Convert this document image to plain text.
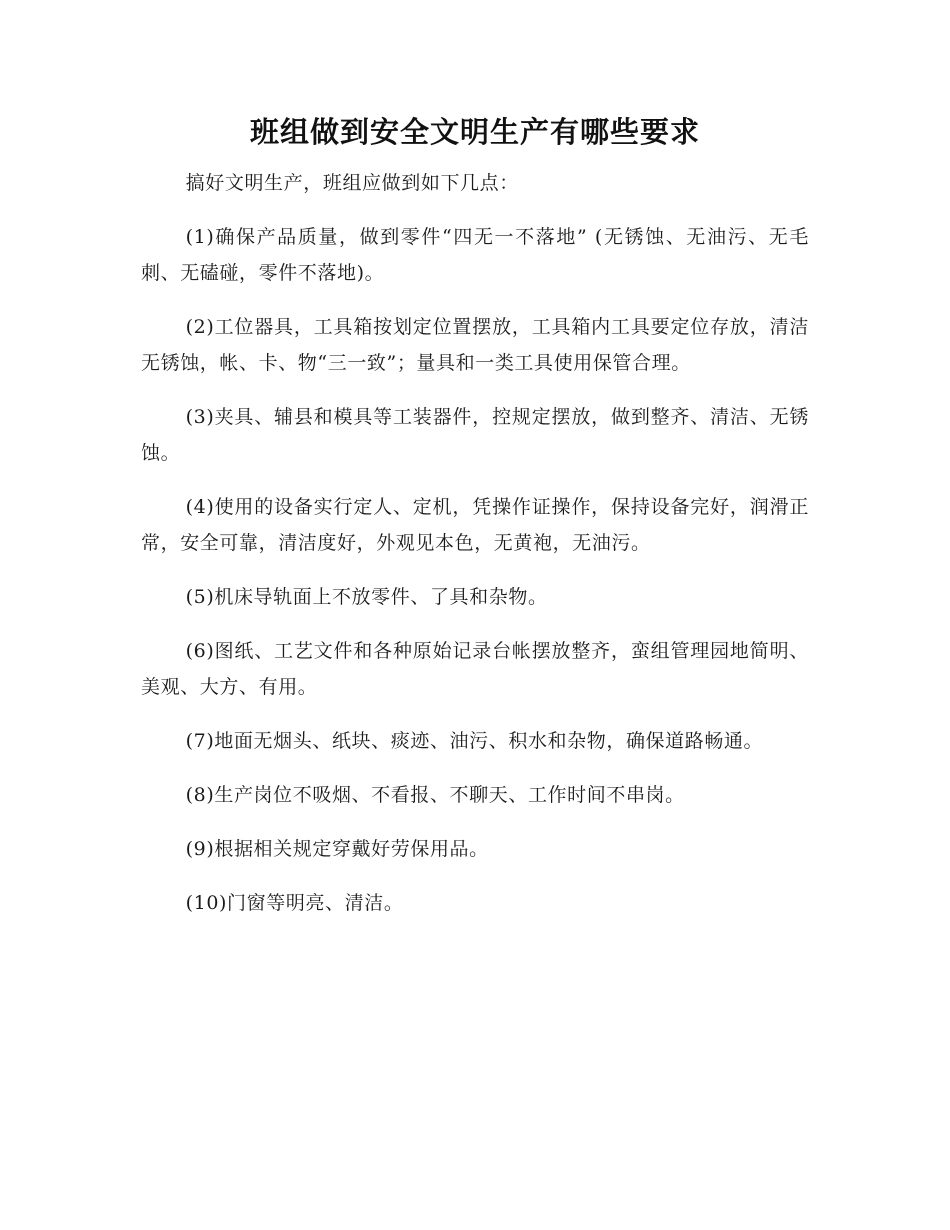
班组做到安全文明生产有哪些要求

搞好文明生产，班组应做到如下几点：

(1)确保产品质量，做到零件“四无一不落地” (无锈蚀、无油污、无毛刺、无磕碰，零件不落地)。

(2)工位器具，工具箱按划定位置摆放，工具箱内工具要定位存放，清洁无锈蚀，帐、卡、物“三一致”；量具和一类工具使用保管合理。

(3)夹具、辅县和模具等工装器件，控规定摆放，做到整齐、清洁、无锈蚀。

(4)使用的设备实行定人、定机，凭操作证操作，保持设备完好，润滑正常，安全可靠，清洁度好，外观见本色，无黄袍，无油污。

(5)机床导轨面上不放零件、了具和杂物。

(6)图纸、工艺文件和各种原始记录台帐摆放整齐，蛮组管理园地简明、美观、大方、有用。

(7)地面无烟头、纸块、痰迹、油污、积水和杂物，确保道路畅通。

(8)生产岗位不吸烟、不看报、不聊天、工作时间不串岗。

(9)根据相关规定穿戴好劳保用品。

(10)门窗等明亮、清洁。
